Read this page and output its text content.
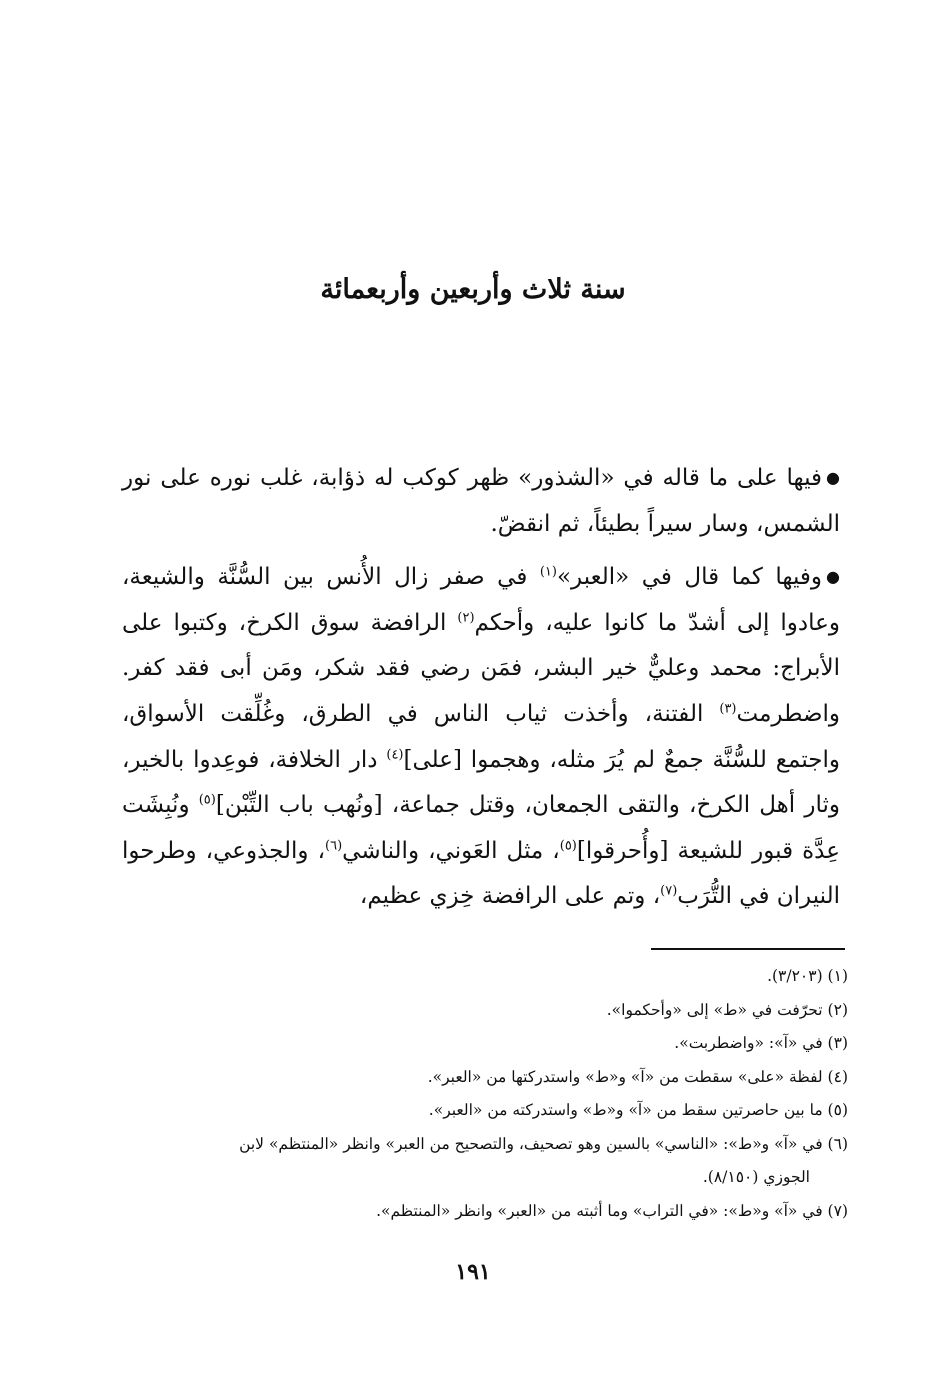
سنة ثلاث وأربعين وأربعمائة

●فيها على ما قاله في «الشذور» ظهر كوكب له ذؤابة، غلب نوره على نور الشمس، وسار سيراً بطيئاً، ثم انقضّ.

●وفيها كما قال في «العبر»$^{(١)}$ في صفر زال الأُنس بين السُّنَّة والشيعة، وعادوا إلى أشدّ ما كانوا عليه، وأحكم$^{(٢)}$ الرافضة سوق الكرخ، وكتبوا على الأبراج: محمد وعليٌّ خير البشر، فمَن رضي فقد شكر، ومَن أبى فقد كفر. واضطرمت$^{(٣)}$ الفتنة، وأخذت ثياب الناس في الطرق، وغُلِّقت الأسواق، واجتمع للسُّنَّة جمعٌ لم يُرَ مثله، وهجموا [على]$^{(٤)}$ دار الخلافة، فوعِدوا بالخير، وثار أهل الكرخ، والتقى الجمعان، وقتل جماعة، [ونُهب باب التِّبْن]$^{(٥)}$ ونُبِشَت عِدَّة قبور للشيعة [وأُحرقوا]$^{(٥)}$، مثل العَوني، والناشي$^{(٦)}$، والجذوعي، وطرحوا النيران في التُّرَب$^{(٧)}$، وتم على الرافضة خِزي عظيم،

(١) (٣/٢٠٣).

(٢) تحرّفت في «ط» إلى «وأحكموا».

(٣) في «آ»: «واضطربت».

(٤) لفظة «على» سقطت من «آ» و«ط» واستدركتها من «العبر».

(٥) ما بين حاصرتين سقط من «آ» و«ط» واستدركته من «العبر».

(٦) في «آ» و«ط»: «الناسي» بالسين وهو تصحيف، والتصحيح من العبر» وانظر «المنتظم» لابن
الجوزي (٨/١٥٠).

(٧) في «آ» و«ط»: «في التراب» وما أثبته من «العبر» وانظر «المنتظم».

١٩١
